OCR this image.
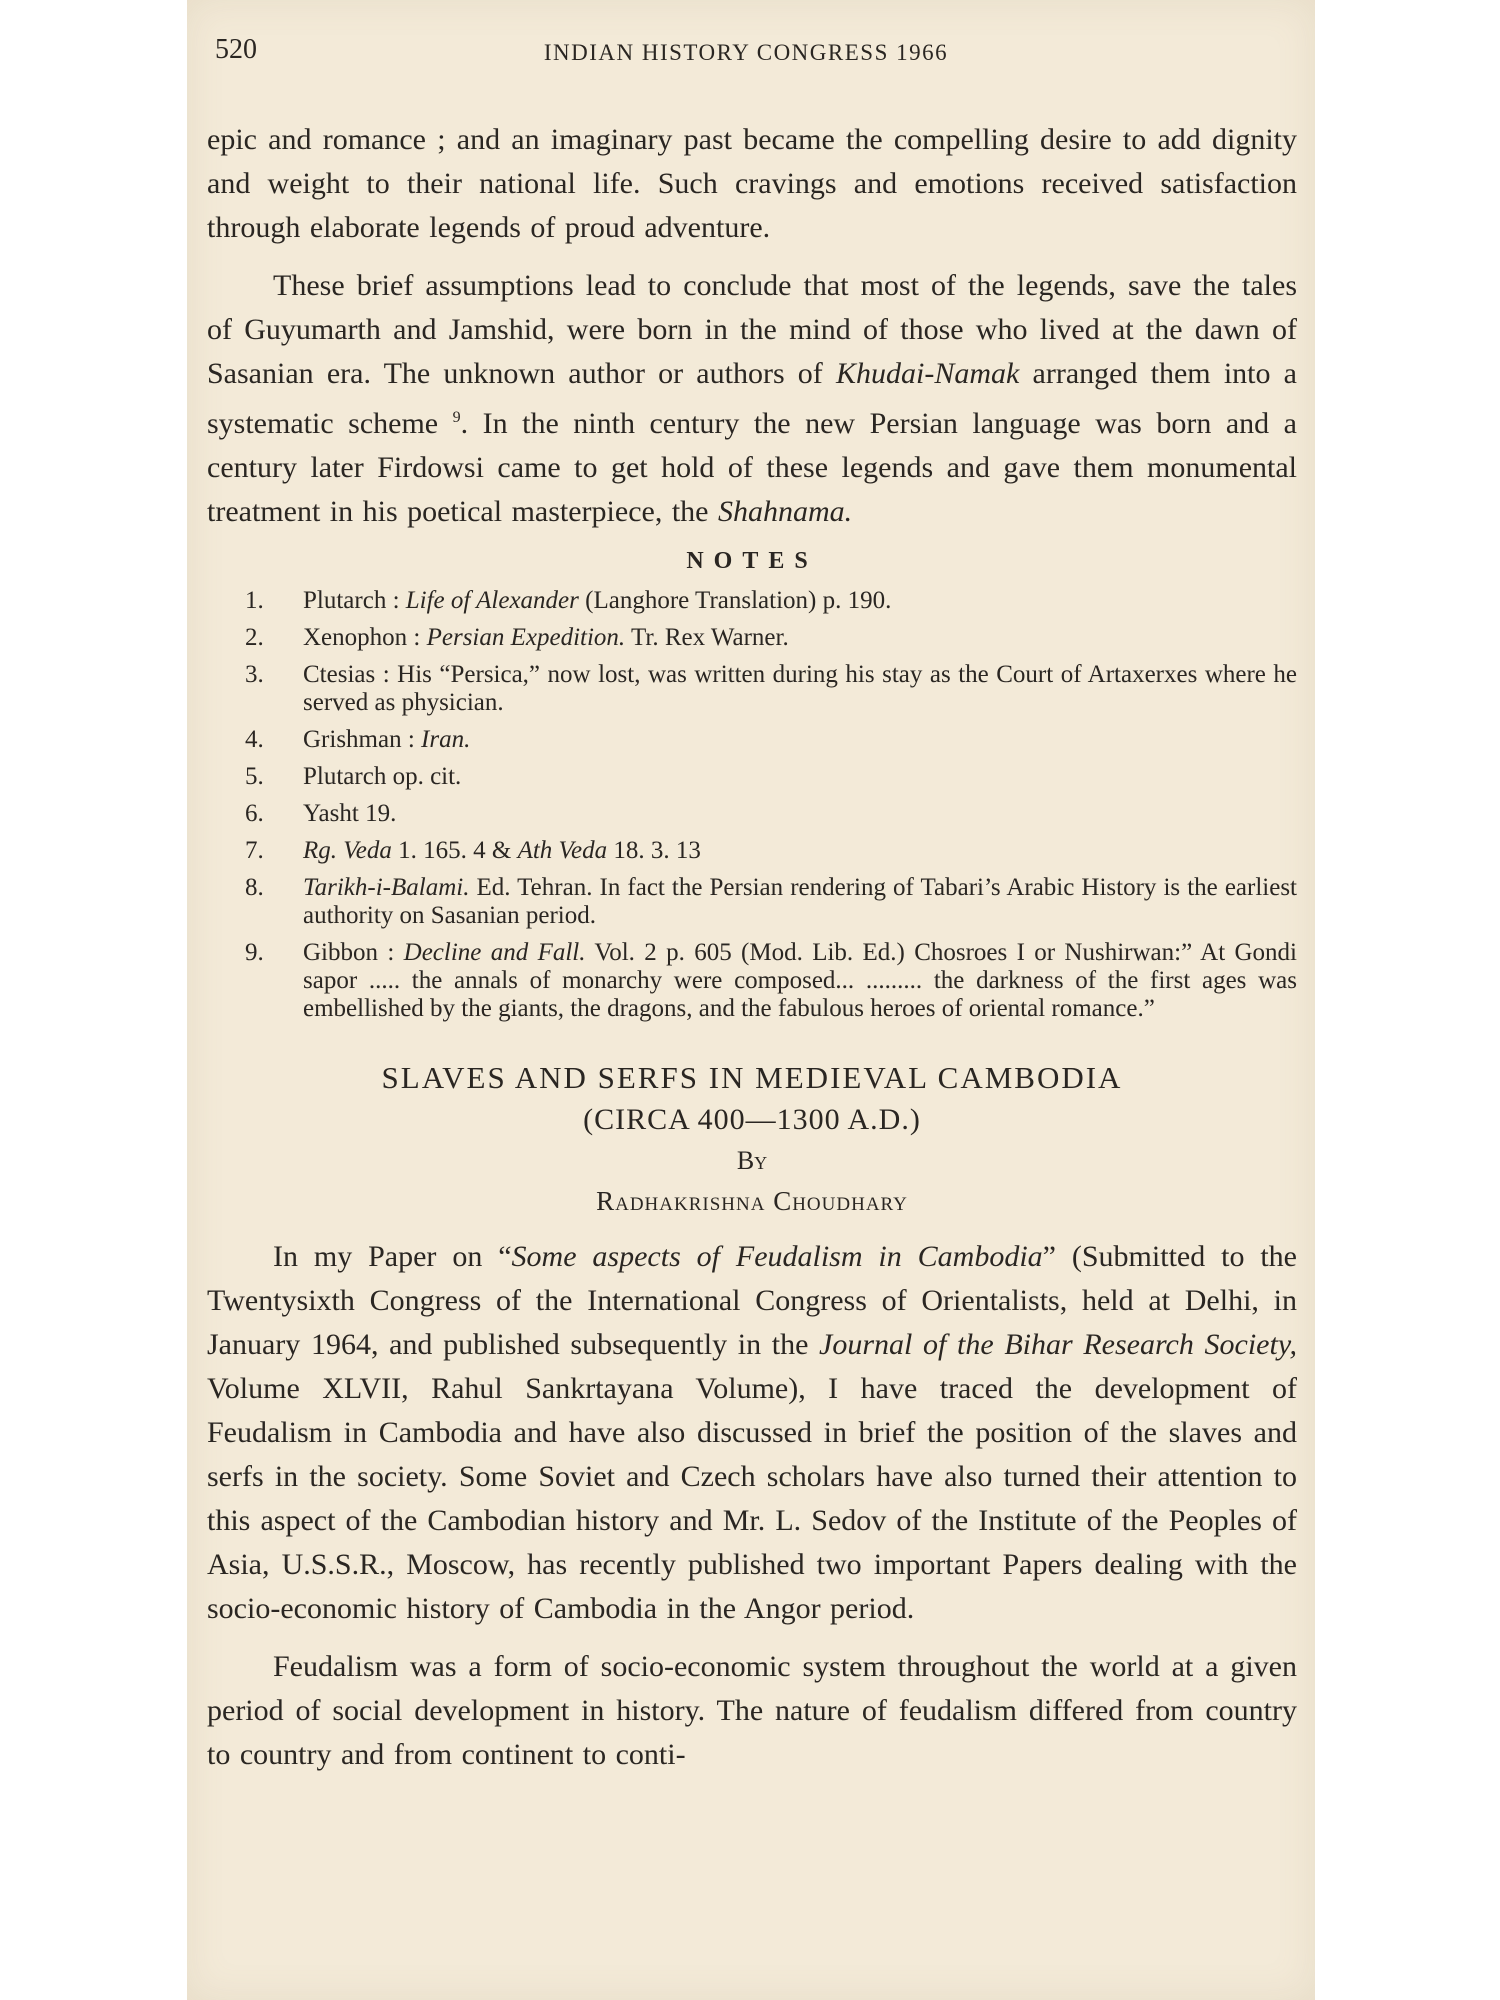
520	INDIAN HISTORY CONGRESS 1966

epic and romance ; and an imaginary past became the compelling desire to add dignity and weight to their national life. Such cravings and emotions received satisfaction through elaborate legends of proud adventure.

These brief assumptions lead to conclude that most of the legends, save the tales of Guyumarth and Jamshid, were born in the mind of those who lived at the dawn of Sasanian era. The unknown author or authors of Khudai-Namak arranged them into a systematic scheme $^9$. In the ninth century the new Persian language was born and a century later Firdowsi came to get hold of these legends and gave them monumental treatment in his poetical masterpiece, the Shahnama.

NOTES
1. Plutarch : Life of Alexander (Langhore Translation) p. 190.
2. Xenophon : Persian Expedition. Tr. Rex Warner.
3. Ctesias : His “Persica,” now lost, was written during his stay as the Court of Artaxerxes where he served as physician.
4. Grishman : Iran.
5. Plutarch op. cit.
6. Yasht 19.
7. Rg. Veda 1. 165. 4 & Ath Veda 18. 3. 13
8. Tarikh-i-Balami. Ed. Tehran. In fact the Persian rendering of Tabari’s Arabic History is the earliest authority on Sasanian period.
9. Gibbon : Decline and Fall. Vol. 2 p. 605 (Mod. Lib. Ed.) Chosroes I or Nushirwan:” At Gondi sapor ..... the annals of monarchy were composed... ......... the darkness of the first ages was embellished by the giants, the dragons, and the fabulous heroes of oriental romance.”
SLAVES AND SERFS IN MEDIEVAL CAMBODIA
(CIRCA 400—1300 A.D.)
By
Radhakrishna Choudhary

In my Paper on “Some aspects of Feudalism in Cambodia” (Submitted to the Twentysixth Congress of the International Congress of Orientalists, held at Delhi, in January 1964, and published subsequently in the Journal of the Bihar Research Society, Volume XLVII, Rahul Sankrtayana Volume), I have traced the development of Feudalism in Cambodia and have also discussed in brief the position of the slaves and serfs in the society. Some Soviet and Czech scholars have also turned their attention to this aspect of the Cambodian history and Mr. L. Sedov of the Institute of the Peoples of Asia, U.S.S.R., Moscow, has recently published two important Papers dealing with the socio-economic history of Cambodia in the Angor period.

Feudalism was a form of socio-economic system throughout the world at a given period of social development in history. The nature of feudalism differed from country to country and from continent to conti-
